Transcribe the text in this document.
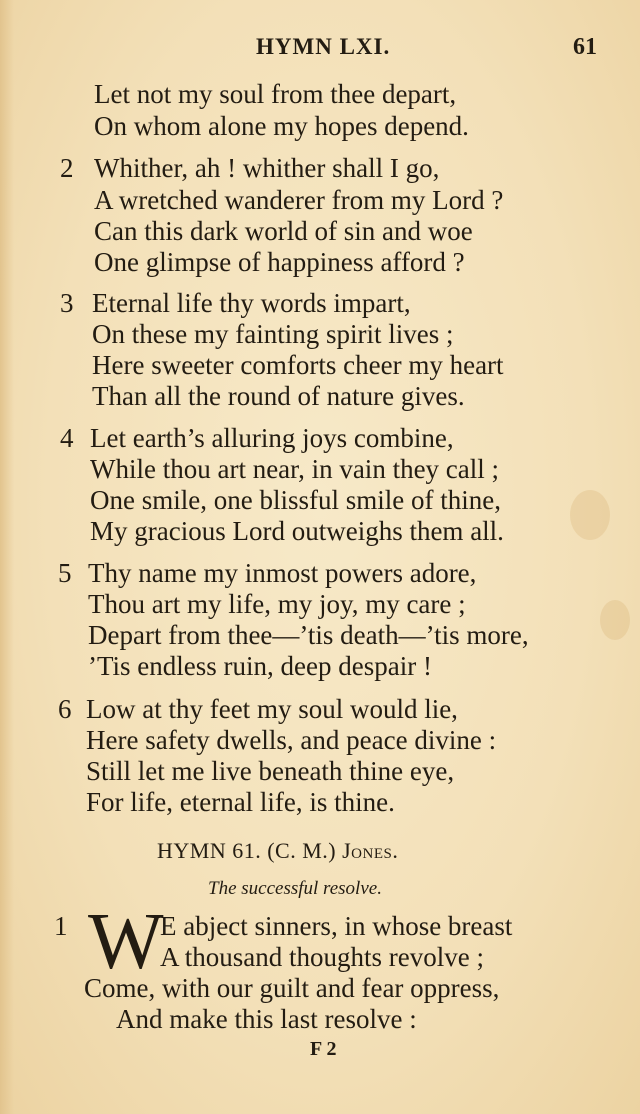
HYMN LXI.	61
Let not my soul from thee depart,
On whom alone my hopes depend.
2 Whither, ah ! whither shall I go,
A wretched wanderer from my Lord ?
Can this dark world of sin and woe
One glimpse of happiness afford ?
3 Eternal life thy words impart,
On these my fainting spirit lives ;
Here sweeter comforts cheer my heart
Than all the round of nature gives.
4 Let earth’s alluring joys combine,
While thou art near, in vain they call ;
One smile, one blissful smile of thine,
My gracious Lord outweighs them all.
5 Thy name my inmost powers adore,
Thou art my life, my joy, my care ;
Depart from thee—’tis death—’tis more,
’Tis endless ruin, deep despair !
6 Low at thy feet my soul would lie,
Here safety dwells, and peace divine :
Still let me live beneath thine eye,
For life, eternal life, is thine.
HYMN 61. (C. M.) Jones.
The successful resolve.
1 W
E abject sinners, in whose breast
A thousand thoughts revolve ;
Come, with our guilt and fear oppress,
And make this last resolve :
F 2
